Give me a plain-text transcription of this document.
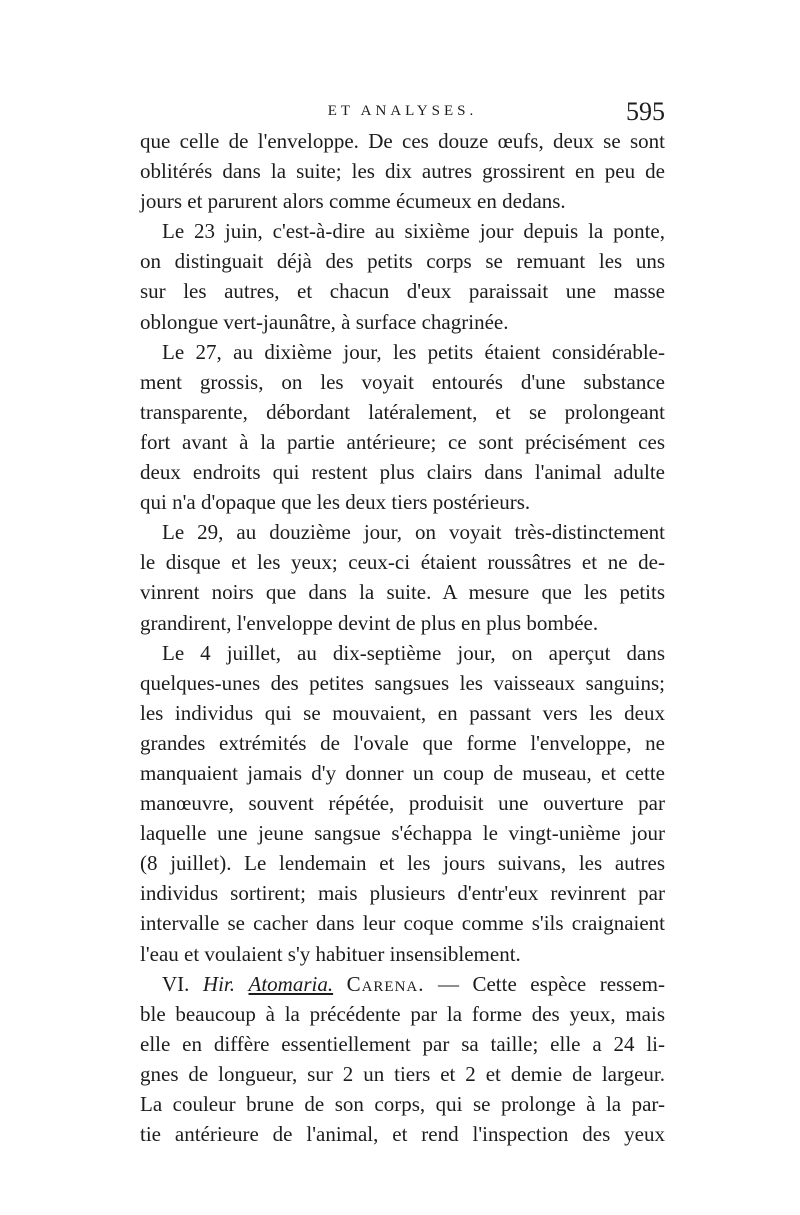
ET ANALYSES.	595
que celle de l'enveloppe. De ces douze œufs, deux se sont
oblitérés dans la suite; les dix autres grossirent en peu de
jours et parurent alors comme écumeux en dedans.
Le 23 juin, c'est-à-dire au sixième jour depuis la ponte,
on distinguait déjà des petits corps se remuant les uns
sur les autres, et chacun d'eux paraissait une masse
oblongue vert-jaunâtre, à surface chagrinée.
Le 27, au dixième jour, les petits étaient considérable-
ment grossis, on les voyait entourés d'une substance
transparente, débordant latéralement, et se prolongeant
fort avant à la partie antérieure; ce sont précisément ces
deux endroits qui restent plus clairs dans l'animal adulte
qui n'a d'opaque que les deux tiers postérieurs.
Le 29, au douzième jour, on voyait très-distinctement
le disque et les yeux; ceux-ci étaient roussâtres et ne de-
vinrent noirs que dans la suite. A mesure que les petits
grandirent, l'enveloppe devint de plus en plus bombée.
Le 4 juillet, au dix-septième jour, on aperçut dans
quelques-unes des petites sangsues les vaisseaux sanguins;
les individus qui se mouvaient, en passant vers les deux
grandes extrémités de l'ovale que forme l'enveloppe, ne
manquaient jamais d'y donner un coup de museau, et cette
manœuvre, souvent répétée, produisit une ouverture par
laquelle une jeune sangsue s'échappa le vingt-unième jour
(8 juillet). Le lendemain et les jours suivans, les autres
individus sortirent; mais plusieurs d'entr'eux revinrent par
intervalle se cacher dans leur coque comme s'ils craignaient
l'eau et voulaient s'y habituer insensiblement.
VI. Hir. Atomaria. Carena. — Cette espèce ressem-
ble beaucoup à la précédente par la forme des yeux, mais
elle en diffère essentiellement par sa taille; elle a 24 li-
gnes de longueur, sur 2 un tiers et 2 et demie de largeur.
La couleur brune de son corps, qui se prolonge à la par-
tie antérieure de l'animal, et rend l'inspection des yeux
